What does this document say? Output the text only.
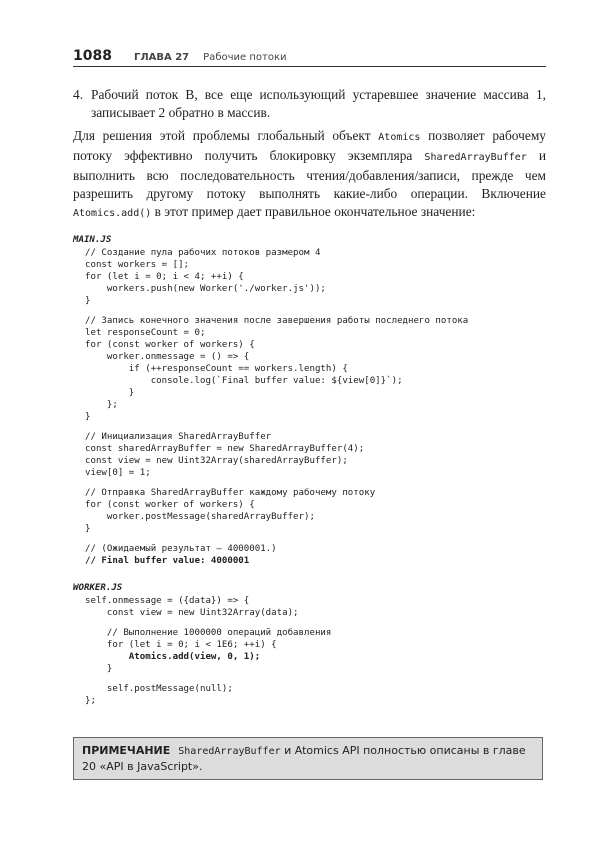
1088 ГЛАВА 27 Рабочие потоки
4. Рабочий поток B, все еще использующий устаревшее значение массива 1, записывает 2 обратно в массив.
Для решения этой проблемы глобальный объект Atomics позволяет рабочему потоку эффективно получить блокировку экземпляра SharedArrayBuffer и выполнить всю последовательность чтения/добавления/записи, прежде чем разрешить другому потоку выполнять какие-либо операции. Включение Atomics.add() в этот пример дает правильное окончательное значение:
MAIN.JS
// Создание пула рабочих потоков размером 4
const workers = [];
for (let i = 0; i < 4; ++i) {
workers.push(new Worker('./worker.js'));
}
// Запись конечного значения после завершения работы последнего потока
let responseCount = 0;
for (const worker of workers) {
worker.onmessage = () => {
if (++responseCount == workers.length) {
console.log(`Final buffer value: ${view[0]}`);
}
};
}
// Инициализация SharedArrayBuffer
const sharedArrayBuffer = new SharedArrayBuffer(4);
const view = new Uint32Array(sharedArrayBuffer);
view[0] = 1;
// Отправка SharedArrayBuffer каждому рабочему потоку
for (const worker of workers) {
worker.postMessage(sharedArrayBuffer);
}
// (Ожидаемый результат — 4000001.)
// Final buffer value: 4000001
WORKER.JS
self.onmessage = ({data}) => {
const view = new Uint32Array(data);
// Выполнение 1000000 операций добавления
for (let i = 0; i < 1E6; ++i) {
Atomics.add(view, 0, 1);
}
self.postMessage(null);
};
ПРИМЕЧАНИЕ SharedArrayBuffer и Atomics API полностью описаны в главе 20 «API в JavaScript».
